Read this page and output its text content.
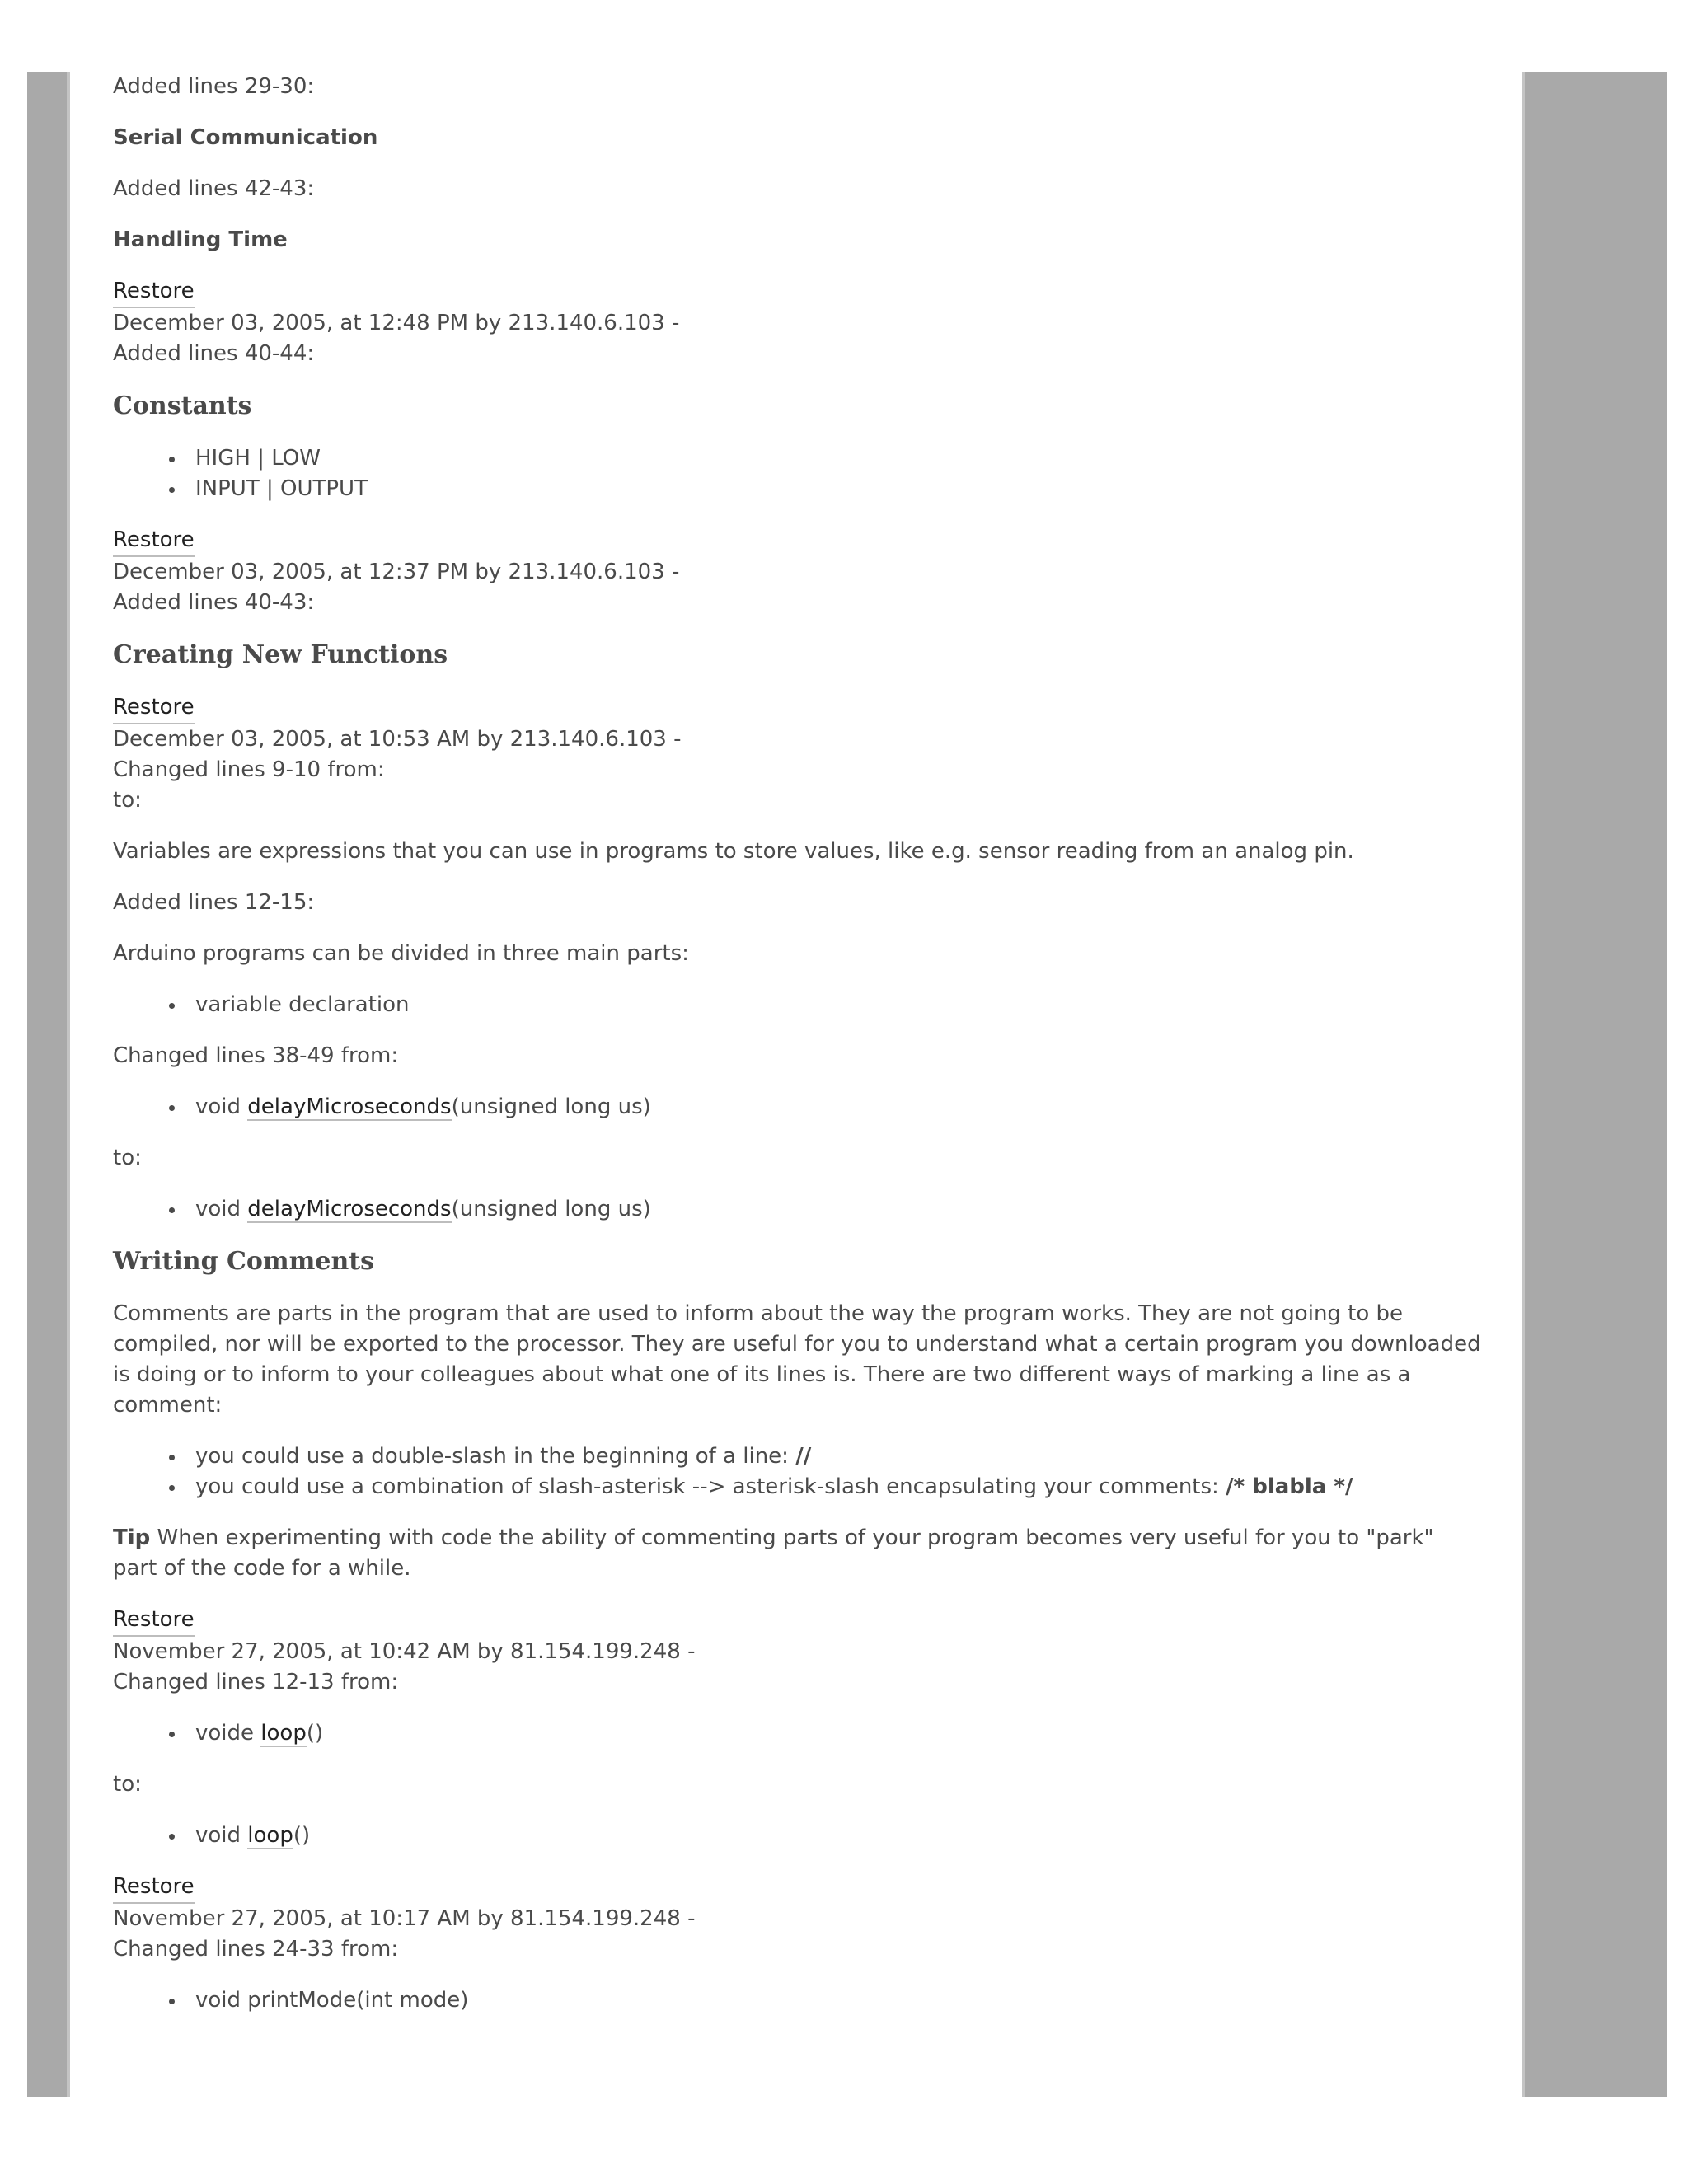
Added lines 29-30:

Serial Communication

Added lines 42-43:

Handling Time

Restore

December 03, 2005, at 12:48 PM by 213.140.6.103 -

Added lines 40-44:

Constants
HIGH | LOW
INPUT | OUTPUT
Restore

December 03, 2005, at 12:37 PM by 213.140.6.103 -

Added lines 40-43:

Creating New Functions
Restore

December 03, 2005, at 10:53 AM by 213.140.6.103 -

Changed lines 9-10 from:

to:

Variables are expressions that you can use in programs to store values, like e.g. sensor reading from an analog pin.

Added lines 12-15:

Arduino programs can be divided in three main parts:

variable declaration

Changed lines 38-49 from:

void delayMicroseconds(unsigned long us)

to:

void delayMicroseconds(unsigned long us)
Writing Comments

Comments are parts in the program that are used to inform about the way the program works. They are not going to be compiled, nor will be exported to the processor. They are useful for you to understand what a certain program you downloaded is doing or to inform to your colleagues about what one of its lines is. There are two different ways of marking a line as a comment:

you could use a double-slash in the beginning of a line: //
you could use a combination of slash-asterisk --> asterisk-slash encapsulating your comments: /* blabla */

Tip When experimenting with code the ability of commenting parts of your program becomes very useful for you to "park" part of the code for a while.

Restore

November 27, 2005, at 10:42 AM by 81.154.199.248 -

Changed lines 12-13 from:

voide loop()

to:

void loop()
Restore

November 27, 2005, at 10:17 AM by 81.154.199.248 -

Changed lines 24-33 from:

void printMode(int mode)
